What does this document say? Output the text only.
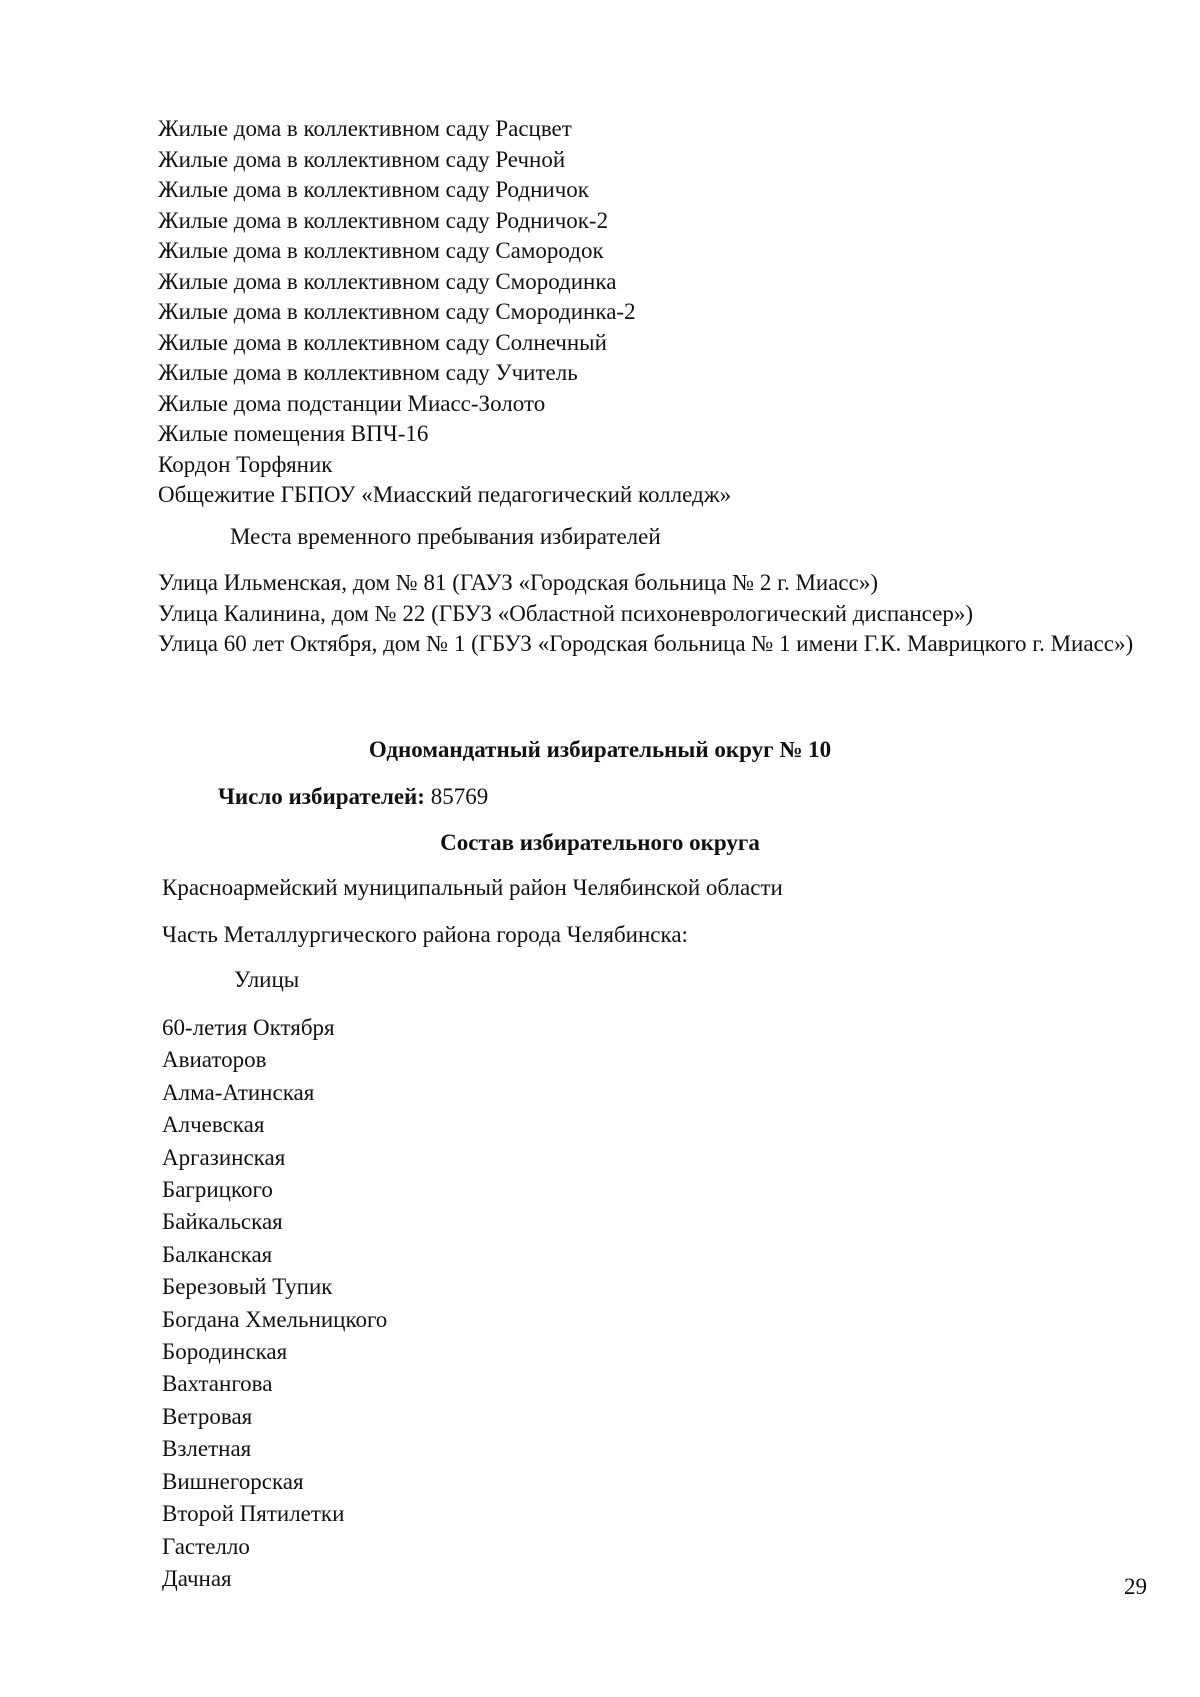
Жилые дома в коллективном саду Расцвет
Жилые дома в коллективном саду Речной
Жилые дома в коллективном саду Родничок
Жилые дома в коллективном саду Родничок-2
Жилые дома в коллективном саду Самородок
Жилые дома в коллективном саду Смородинка
Жилые дома в коллективном саду Смородинка-2
Жилые дома в коллективном саду Солнечный
Жилые дома в коллективном саду Учитель
Жилые дома подстанции Миасс-Золото
Жилые помещения ВПЧ-16
Кордон Торфяник
Общежитие ГБПОУ «Миасский педагогический колледж»
Места временного пребывания избирателей
Улица Ильменская, дом № 81 (ГАУЗ «Городская больница № 2 г. Миасс»)
Улица Калинина, дом № 22 (ГБУЗ «Областной психоневрологический диспансер»)
Улица 60 лет Октября, дом № 1 (ГБУЗ «Городская больница № 1 имени Г.К. Маврицкого г. Миасс»)
Одномандатный избирательный округ № 10
Число избирателей: 85769
Состав избирательного округа
Красноармейский муниципальный район Челябинской области
Часть Металлургического района города Челябинска:
Улицы
60-летия Октября
Авиаторов
Алма-Атинская
Алчевская
Аргазинская
Багрицкого
Байкальская
Балканская
Березовый Тупик
Богдана Хмельницкого
Бородинская
Вахтангова
Ветровая
Взлетная
Вишнегорская
Второй Пятилетки
Гастелло
Дачная	29
